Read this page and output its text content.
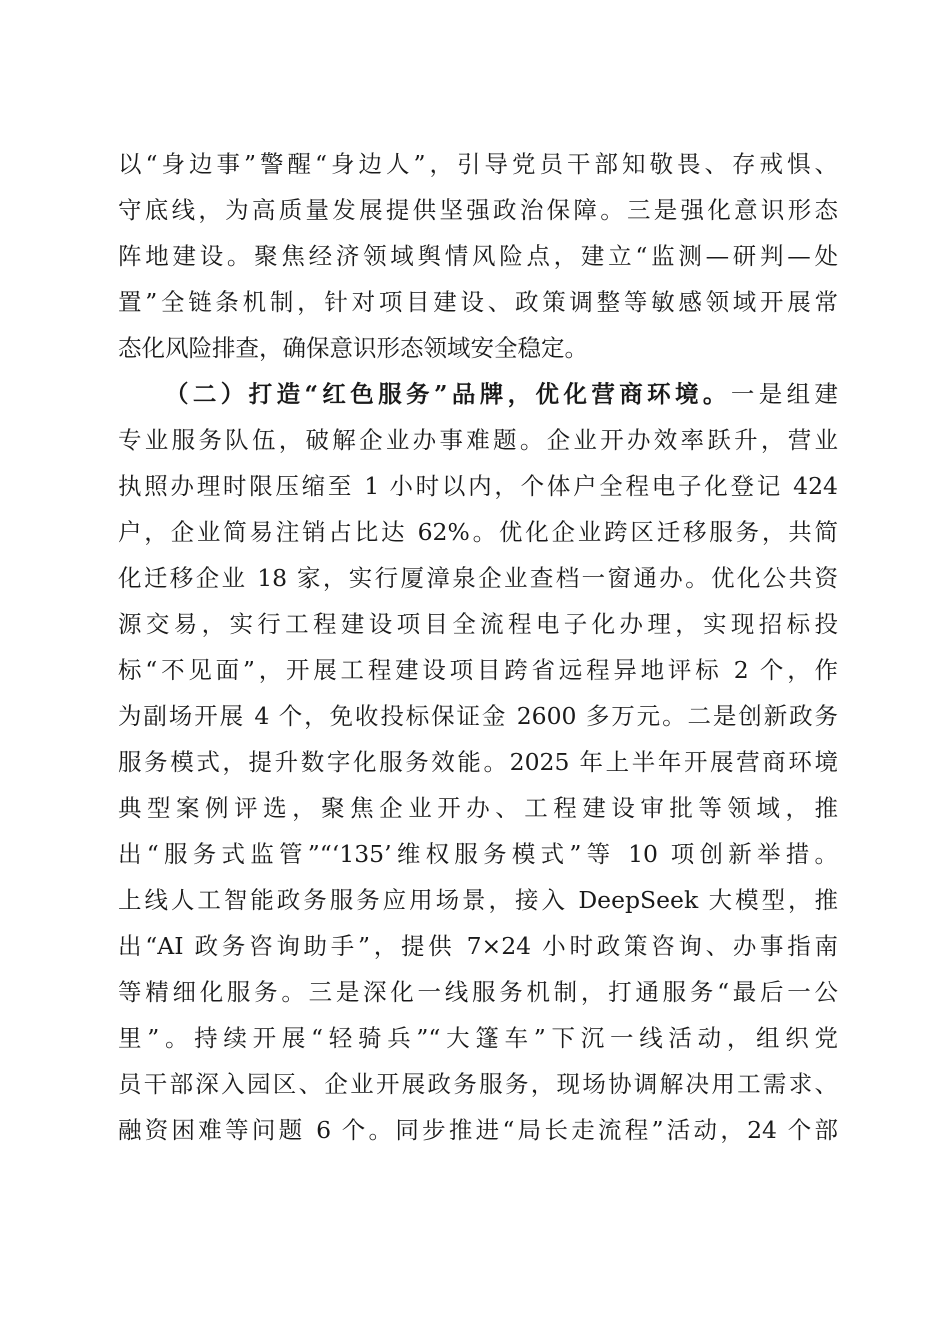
以“身边事”警醒“身边人”，引导党员干部知敬畏、存戒惧、
守底线，为高质量发展提供坚强政治保障。三是强化意识形态
阵地建设。聚焦经济领域舆情风险点，建立“监测—研判—处
置”全链条机制，针对项目建设、政策调整等敏感领域开展常
态化风险排查，确保意识形态领域安全稳定。
（二）打造“红色服务”品牌，优化营商环境。一是组建
专业服务队伍，破解企业办事难题。企业开办效率跃升，营业
执照办理时限压缩至 1 小时以内，个体户全程电子化登记 424
户，企业简易注销占比达 62%。优化企业跨区迁移服务，共简
化迁移企业 18 家，实行厦漳泉企业查档一窗通办。优化公共资
源交易，实行工程建设项目全流程电子化办理，实现招标投
标“不见面”，开展工程建设项目跨省远程异地评标 2 个，作
为副场开展 4 个，免收投标保证金 2600 多万元。二是创新政务
服务模式，提升数字化服务效能。2025 年上半年开展营商环境
典型案例评选，聚焦企业开办、工程建设审批等领域，推
出“服务式监管”“‘135’维权服务模式”等 10 项创新举措。
上线人工智能政务服务应用场景，接入 DeepSeek 大模型，推
出“AI 政务咨询助手”，提供 7×24 小时政策咨询、办事指南
等精细化服务。三是深化一线服务机制，打通服务“最后一公
里”。持续开展“轻骑兵”“大篷车”下沉一线活动，组织党
员干部深入园区、企业开展政务服务，现场协调解决用工需求、
融资困难等问题 6 个。同步推进“局长走流程”活动，24 个部
